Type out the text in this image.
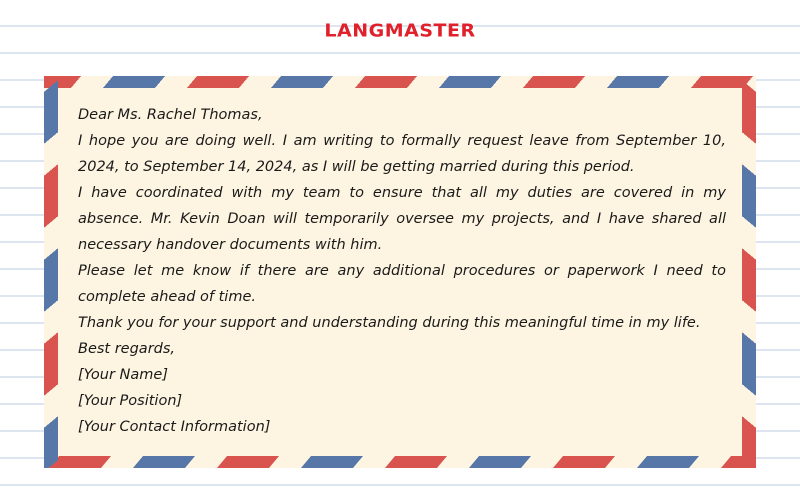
LANGMASTER

Dear Ms. Rachel Thomas,

I hope you are doing well. I am writing to formally request leave from September 10, 2024, to September 14, 2024, as I will be getting married during this period.

I have coordinated with my team to ensure that all my duties are covered in my absence. Mr. Kevin Doan will temporarily oversee my projects, and I have shared all necessary handover documents with him.

Please let me know if there are any additional procedures or paperwork I need to complete ahead of time.

Thank you for your support and understanding during this meaningful time in my life.

Best regards,

[Your Name]

[Your Position]

[Your Contact Information]
